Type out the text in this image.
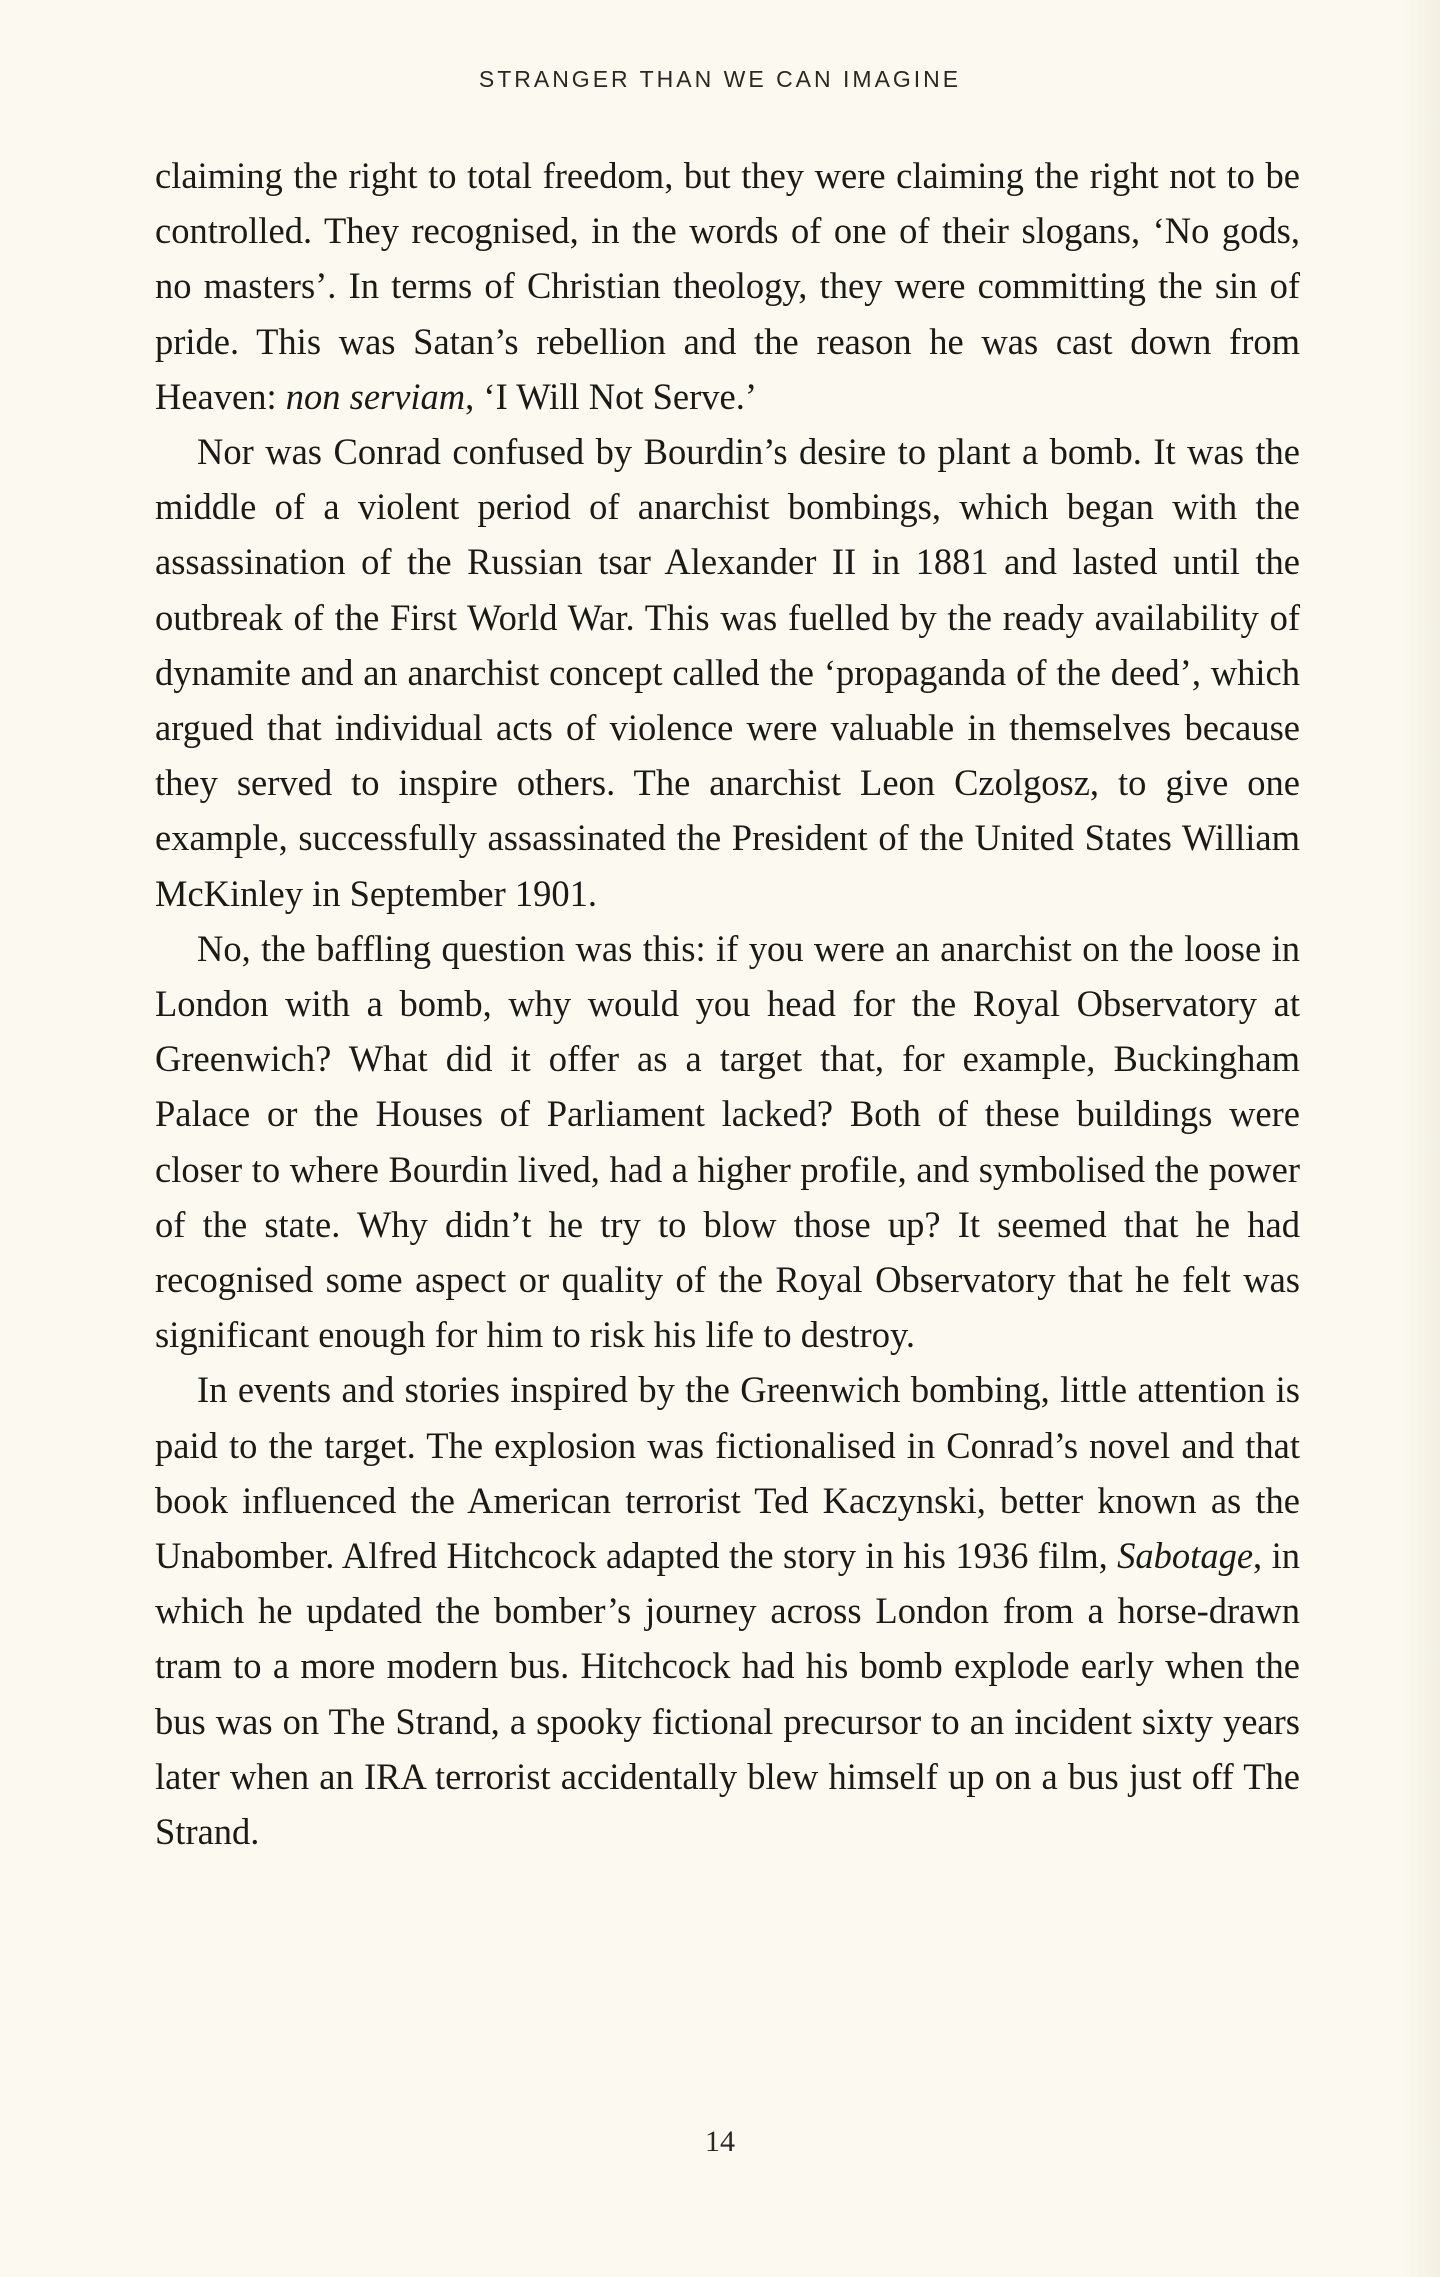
STRANGER THAN WE CAN IMAGINE

claiming the right to total freedom, but they were claiming the right not to be controlled. They recognised, in the words of one of their slogans, ‘No gods, no masters’. In terms of Christian theology, they were committing the sin of pride. This was Satan’s rebellion and the reason he was cast down from Heaven: non serviam, ‘I Will Not Serve.’

Nor was Conrad confused by Bourdin’s desire to plant a bomb. It was the middle of a violent period of anarchist bombings, which began with the assassination of the Russian tsar Alexander II in 1881 and lasted until the outbreak of the First World War. This was fuelled by the ready availability of dynamite and an anarchist concept called the ‘propaganda of the deed’, which argued that individual acts of violence were valuable in themselves because they served to inspire others. The anarchist Leon Czolgosz, to give one example, successfully assassinated the President of the United States William McKinley in September 1901.

No, the baffling question was this: if you were an anarchist on the loose in London with a bomb, why would you head for the Royal Observatory at Greenwich? What did it offer as a target that, for example, Buckingham Palace or the Houses of Parliament lacked? Both of these buildings were closer to where Bourdin lived, had a higher profile, and symbolised the power of the state. Why didn’t he try to blow those up? It seemed that he had recognised some aspect or quality of the Royal Observatory that he felt was significant enough for him to risk his life to destroy.

In events and stories inspired by the Greenwich bombing, little attention is paid to the target. The explosion was fictionalised in Conrad’s novel and that book influenced the American terrorist Ted Kaczynski, better known as the Unabomber. Alfred Hitchcock adapted the story in his 1936 film, Sabotage, in which he updated the bomber’s journey across London from a horse-drawn tram to a more modern bus. Hitchcock had his bomb explode early when the bus was on The Strand, a spooky fictional precursor to an incident sixty years later when an IRA terrorist accidentally blew himself up on a bus just off The Strand.

14
